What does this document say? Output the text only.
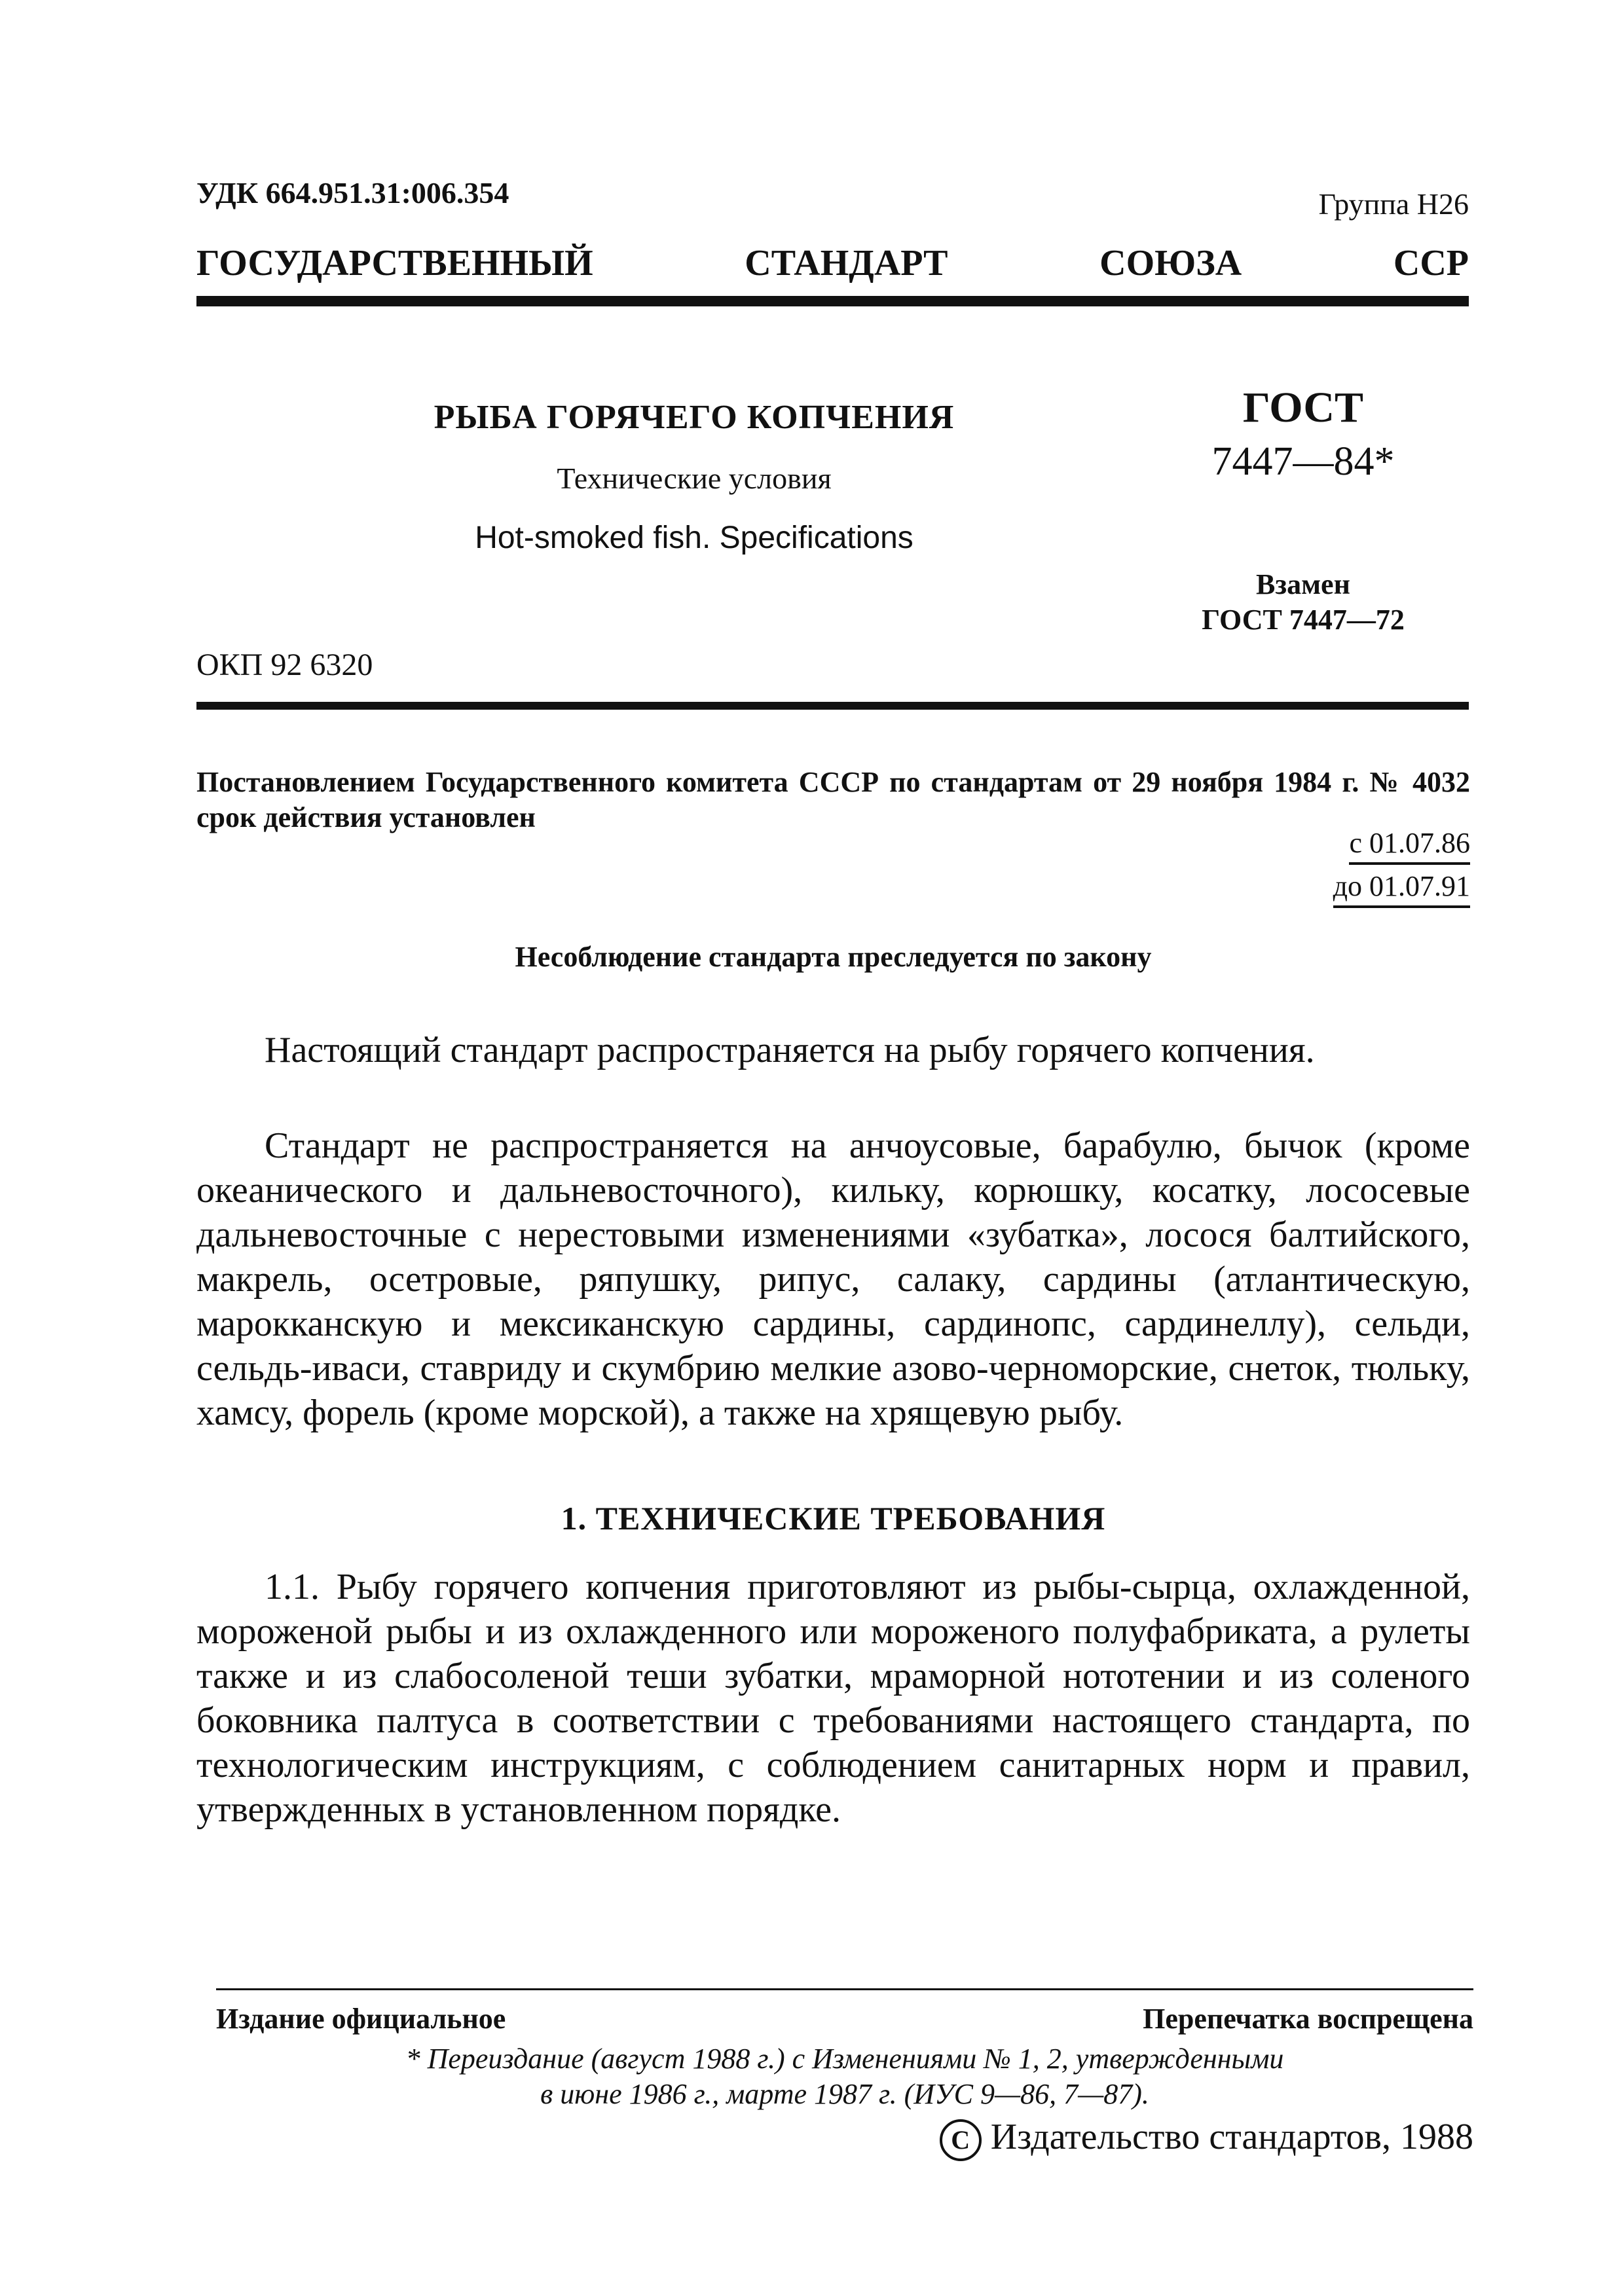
УДК 664.951.31:006.354	Группа Н26
ГОСУДАРСТВЕННЫЙ СТАНДАРТ СОЮЗА ССР
РЫБА ГОРЯЧЕГО КОПЧЕНИЯ
Технические условия
Hot-smoked fish. Specifications
ГОСТ
7447—84*
Взамен
ГОСТ 7447—72
ОКП 92 6320
Постановлением Государственного комитета СССР по стандартам от 29 ноября 1984 г. № 4032 срок действия установлен
с 01.07.86
до 01.07.91
Несоблюдение стандарта преследуется по закону

Настоящий стандарт распространяется на рыбу горячего копчения.

Стандарт не распространяется на анчоусовые, барабулю, бычок (кроме океанического и дальневосточного), кильку, корюшку, косатку, лососевые дальневосточные с нерестовыми изменениями «зубатка», лосося балтийского, макрель, осетровые, ряпушку, рипус, салаку, сардины (атлантическую, марокканскую и мексиканскую сардины, сардинопс, сардинеллу), сельди, сельдь-иваси, ставриду и скумбрию мелкие азово-черноморские, снеток, тюльку, хамсу, форель (кроме морской), а также на хрящевую рыбу.

1. ТЕХНИЧЕСКИЕ ТРЕБОВАНИЯ

1.1. Рыбу горячего копчения приготовляют из рыбы-сырца, охлажденной, мороженой рыбы и из охлажденного или мороженого полуфабриката, а рулеты также и из слабосоленой теши зубатки, мраморной нототении и из соленого боковника палтуса в соответствии с требованиями настоящего стандарта, по технологическим инструкциям, с соблюдением санитарных норм и правил, утвержденных в установленном порядке.

Издание официальное	Перепечатка воспрещена
* Переиздание (август 1988 г.) с Изменениями № 1, 2, утвержденными
в июне 1986 г., марте 1987 г. (ИУС 9—86, 7—87).
С Издательство стандартов, 1988
